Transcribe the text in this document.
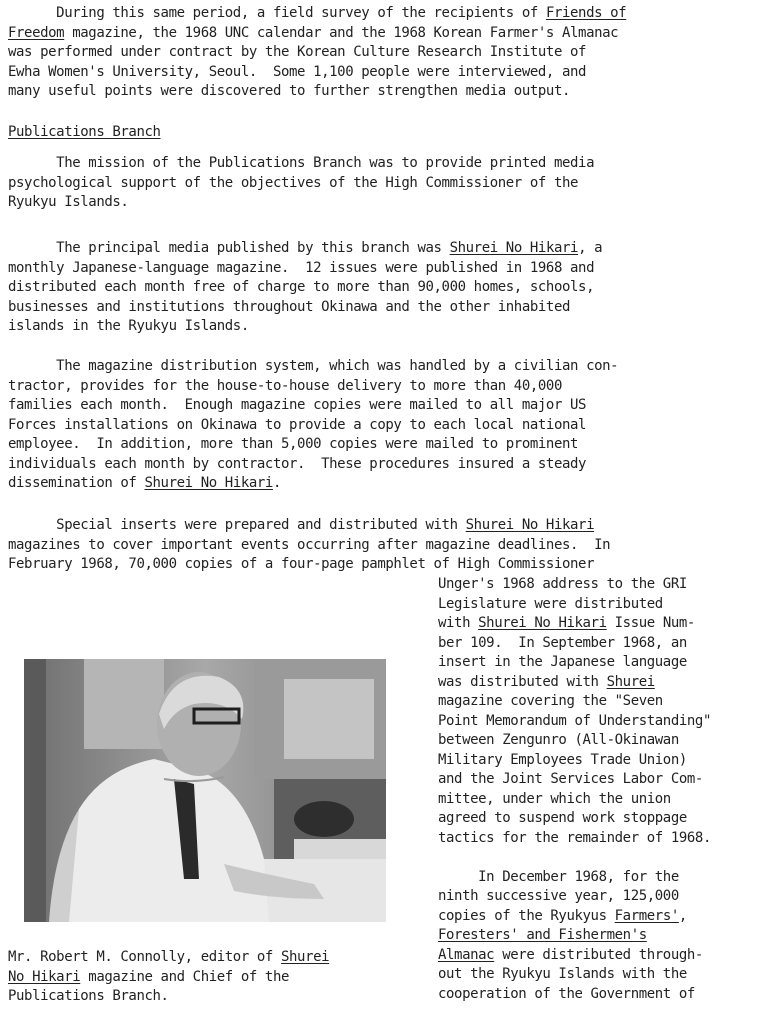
During this same period, a field survey of the recipients of Friends of
Freedom magazine, the 1968 UNC calendar and the 1968 Korean Farmer's Almanac
was performed under contract by the Korean Culture Research Institute of
Ewha Women's University, Seoul.  Some 1,100 people were interviewed, and
many useful points were discovered to further strengthen media output.
Publications Branch
The mission of the Publications Branch was to provide printed media
psychological support of the objectives of the High Commissioner of the
Ryukyu Islands.
The principal media published by this branch was Shurei No Hikari, a
monthly Japanese-language magazine.  12 issues were published in 1968 and
distributed each month free of charge to more than 90,000 homes, schools,
businesses and institutions throughout Okinawa and the other inhabited
islands in the Ryukyu Islands.
The magazine distribution system, which was handled by a civilian con-
tractor, provides for the house-to-house delivery to more than 40,000
families each month.  Enough magazine copies were mailed to all major US
Forces installations on Okinawa to provide a copy to each local national
employee.  In addition, more than 5,000 copies were mailed to prominent
individuals each month by contractor.  These procedures insured a steady
dissemination of Shurei No Hikari.
Special inserts were prepared and distributed with Shurei No Hikari
magazines to cover important events occurring after magazine deadlines.  In
February 1968, 70,000 copies of a four-page pamphlet of High Commissioner
Unger's 1968 address to the GRI
Legislature were distributed
with Shurei No Hikari Issue Num-
ber 109.  In September 1968, an
insert in the Japanese language
was distributed with Shurei
magazine covering the "Seven
Point Memorandum of Understanding"
between Zengunro (All-Okinawan
Military Employees Trade Union)
and the Joint Services Labor Com-
mittee, under which the union
agreed to suspend work stoppage
tactics for the remainder of 1968.
In December 1968, for the
ninth successive year, 125,000
copies of the Ryukyus Farmers',
Foresters' and Fishermen's
Almanac were distributed through-
out the Ryukyu Islands with the
cooperation of the Government of
Mr. Robert M. Connolly, editor of Shurei
No Hikari magazine and Chief of the
Publications Branch.
